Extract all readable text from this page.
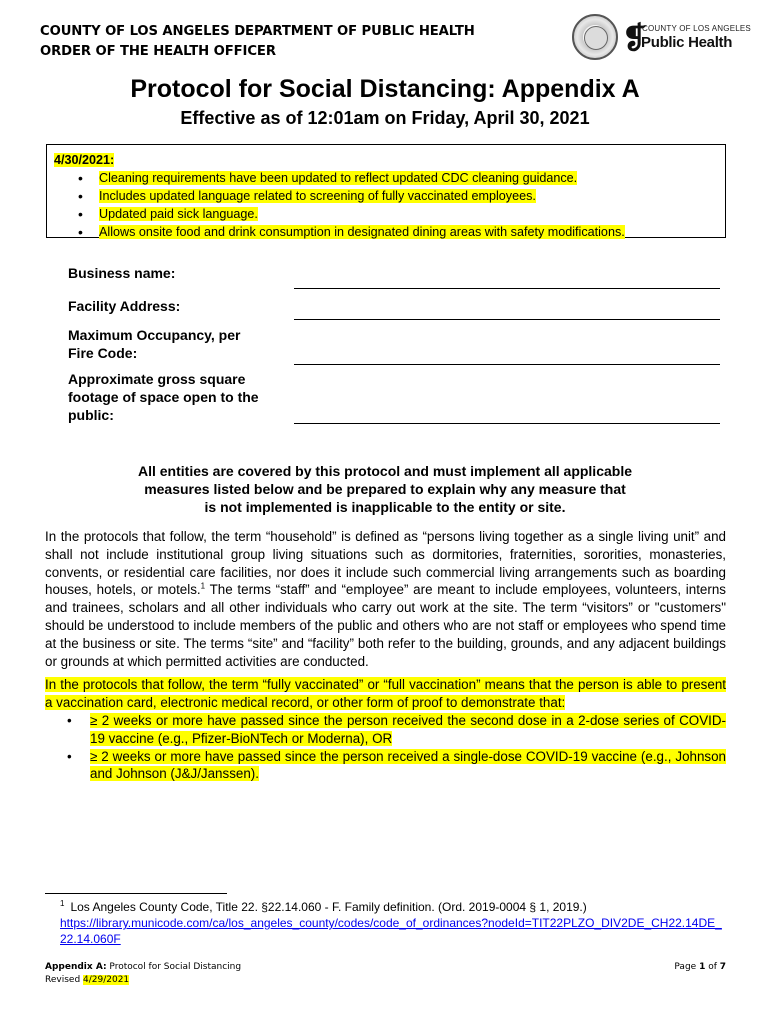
COUNTY OF LOS ANGELES DEPARTMENT OF PUBLIC HEALTH
ORDER OF THE HEALTH OFFICER	❡
COUNTY OF LOS ANGELES
Public Health
Protocol for Social Distancing: Appendix A
Effective as of 12:01am on Friday, April 30, 2021
4/30/2021:
• Cleaning requirements have been updated to reflect updated CDC cleaning guidance.
• Includes updated language related to screening of fully vaccinated employees.
• Updated paid sick language.
• Allows onsite food and drink consumption in designated dining areas with safety modifications.
Business name:
Facility Address:
Maximum Occupancy, per
Fire Code:
Approximate gross square
footage of space open to the
public:
All entities are covered by this protocol and must implement all applicable
measures listed below and be prepared to explain why any measure that
is not implemented is inapplicable to the entity or site.
In the protocols that follow, the term “household” is defined as “persons living together as a single living unit” and shall not include institutional group living situations such as dormitories, fraternities, sororities, monasteries, convents, or residential care facilities, nor does it include such commercial living arrangements such as boarding houses, hotels, or motels.$^1$ The terms “staff” and “employee” are meant to include employees, volunteers, interns and trainees, scholars and all other individuals who carry out work at the site. The term “visitors” or "customers" should be understood to include members of the public and others who are not staff or employees who spend time at the business or site. The terms “site” and “facility” both refer to the building, grounds, and any adjacent buildings or grounds at which permitted activities are conducted.
In the protocols that follow, the term “fully vaccinated” or “full vaccination” means that the person is able to present a vaccination card, electronic medical record, or other form of proof to demonstrate that:
• ≥ 2 weeks or more have passed since the person received the second dose in a 2-dose series of COVID-19 vaccine (e.g., Pfizer-BioNTech or Moderna), OR
• ≥ 2 weeks or more have passed since the person received a single-dose COVID-19 vaccine (e.g., Johnson and Johnson (J&J/Janssen).
$^1$ Los Angeles County Code, Title 22. §22.14.060 - F. Family definition. (Ord. 2019-0004 § 1, 2019.)
https://library.municode.com/ca/los_angeles_county/codes/code_of_ordinances?nodeId=TIT22PLZO_DIV2DE_CH22.14DE_22.14.060F
Appendix A: Protocol for Social Distancing
Revised 4/29/2021
Page 1 of 7
